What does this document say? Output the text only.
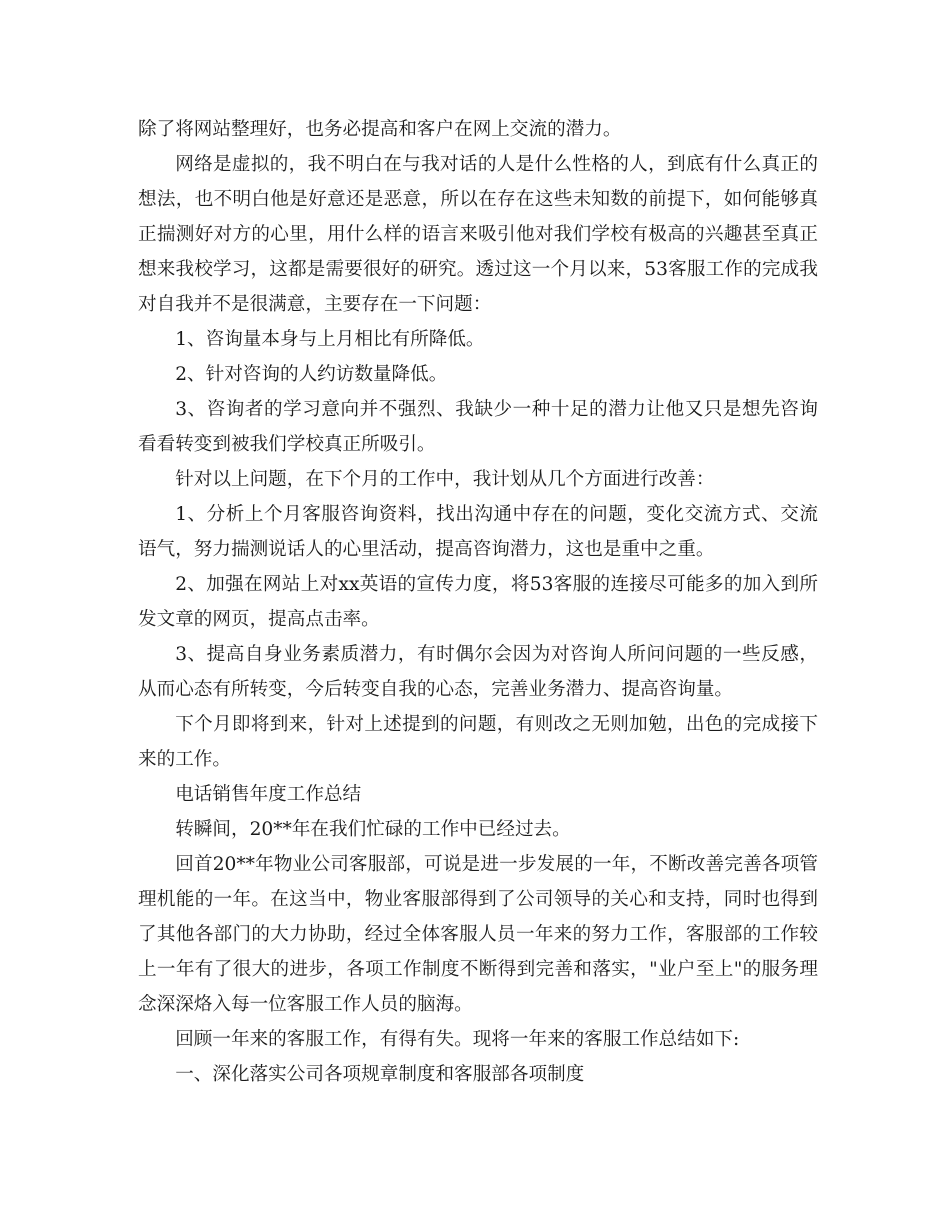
除了将网站整理好，也务必提高和客户在网上交流的潜力。

网络是虚拟的，我不明白在与我对话的人是什么性格的人，到底有什么真正的想法，也不明白他是好意还是恶意，所以在存在这些未知数的前提下，如何能够真正揣测好对方的心里，用什么样的语言来吸引他对我们学校有极高的兴趣甚至真正想来我校学习，这都是需要很好的研究。透过这一个月以来，53客服工作的完成我对自我并不是很满意，主要存在一下问题：

1、咨询量本身与上月相比有所降低。

2、针对咨询的人约访数量降低。

3、咨询者的学习意向并不强烈、我缺少一种十足的潜力让他又只是想先咨询看看转变到被我们学校真正所吸引。

针对以上问题，在下个月的工作中，我计划从几个方面进行改善：

1、分析上个月客服咨询资料，找出沟通中存在的问题，变化交流方式、交流语气，努力揣测说话人的心里活动，提高咨询潜力，这也是重中之重。

2、加强在网站上对xx英语的宣传力度，将53客服的连接尽可能多的加入到所发文章的网页，提高点击率。

3、提高自身业务素质潜力，有时偶尔会因为对咨询人所问问题的一些反感，从而心态有所转变，今后转变自我的心态，完善业务潜力、提高咨询量。

下个月即将到来，针对上述提到的问题，有则改之无则加勉，出色的完成接下来的工作。

电话销售年度工作总结

转瞬间，20**年在我们忙碌的工作中已经过去。

回首20**年物业公司客服部，可说是进一步发展的一年，不断改善完善各项管理机能的一年。在这当中，物业客服部得到了公司领导的关心和支持，同时也得到了其他各部门的大力协助，经过全体客服人员一年来的努力工作，客服部的工作较上一年有了很大的进步，各项工作制度不断得到完善和落实，"业户至上"的服务理念深深烙入每一位客服工作人员的脑海。

回顾一年来的客服工作，有得有失。现将一年来的客服工作总结如下:

一、深化落实公司各项规章制度和客服部各项制度
